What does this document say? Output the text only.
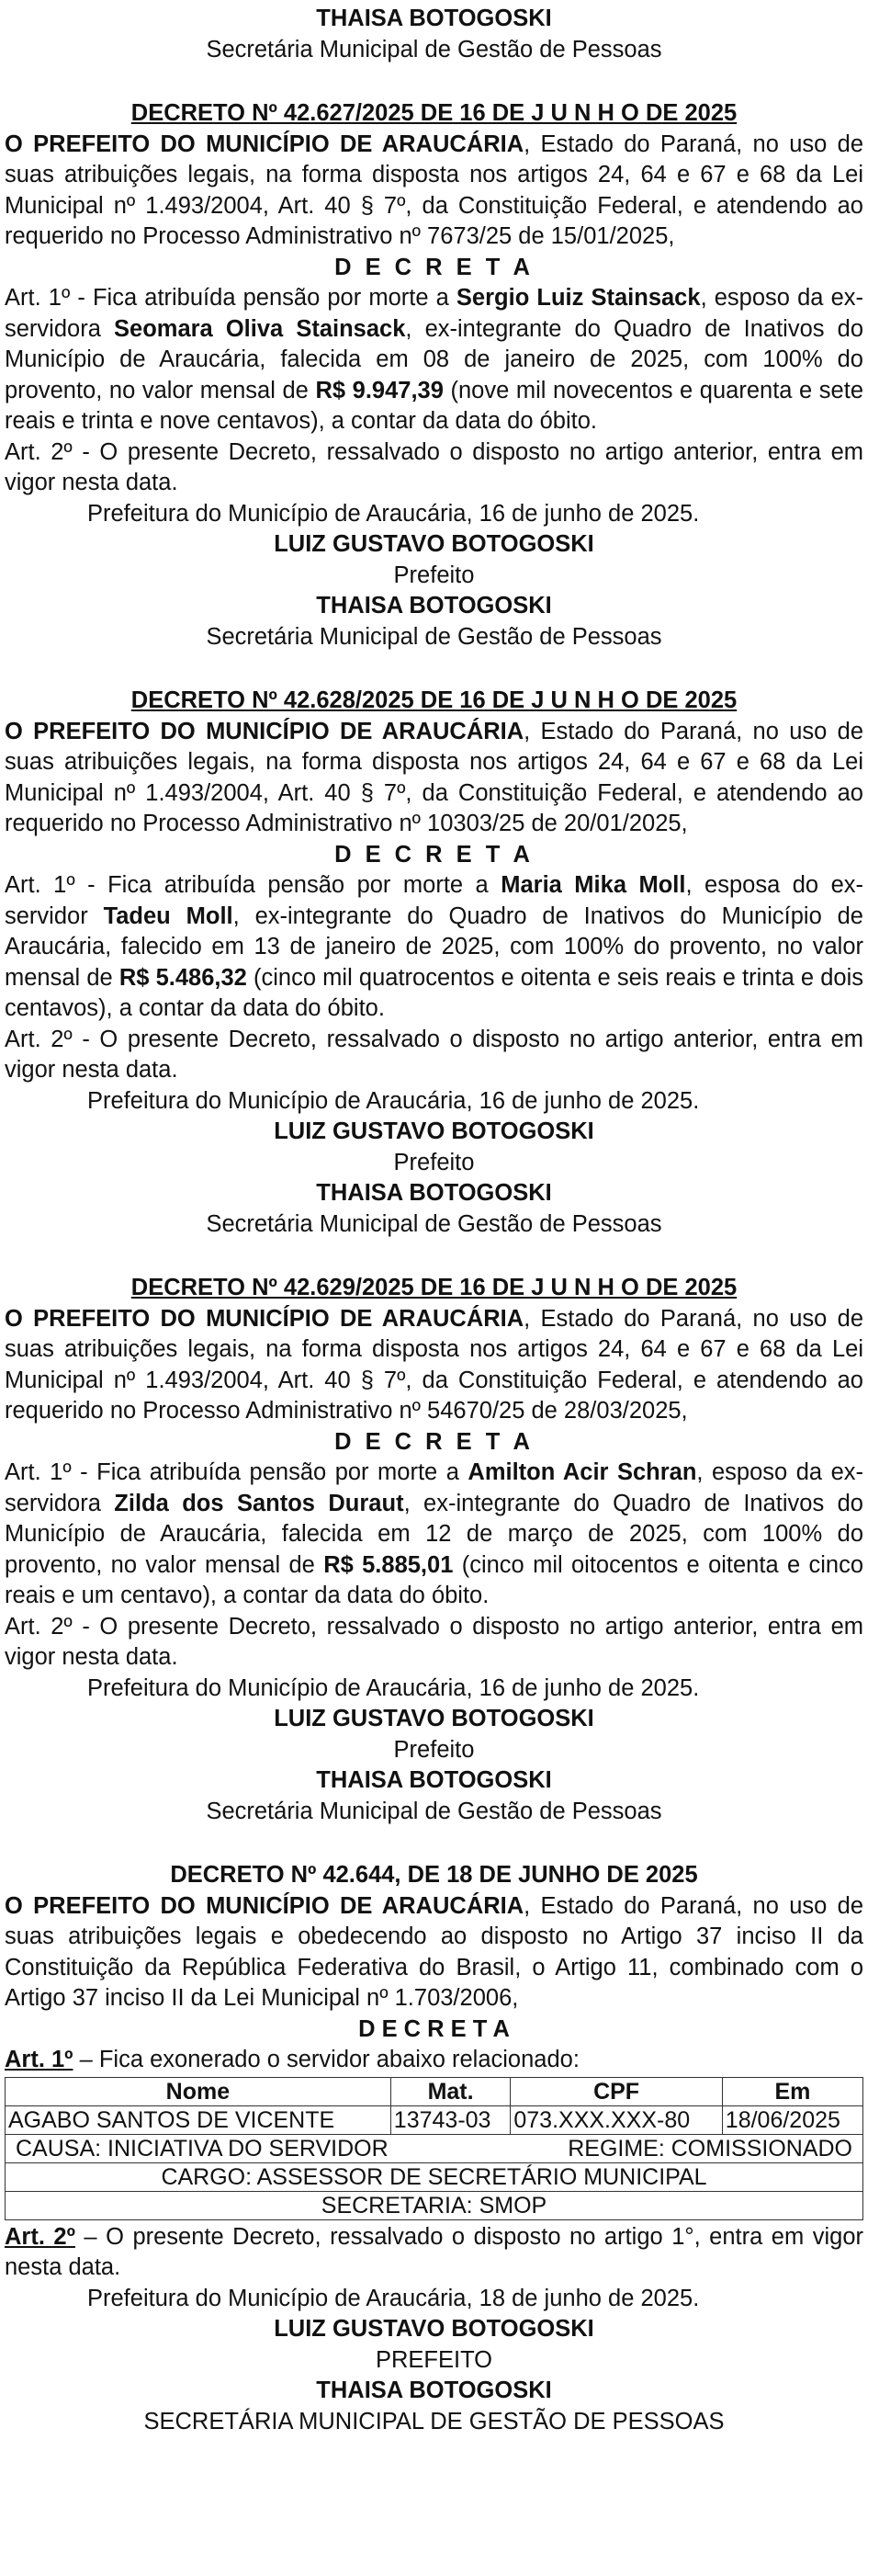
THAISA BOTOGOSKI

Secretária Municipal de Gestão de Pessoas

DECRETO Nº 42.627/2025 DE 16 DE J U N H O DE 2025

O PREFEITO DO MUNICÍPIO DE ARAUCÁRIA, Estado do Paraná, no uso de suas atribuições legais, na forma disposta nos artigos 24, 64 e 67 e 68 da Lei Municipal nº 1.493/2004, Art. 40 § 7º, da Constituição Federal, e atendendo ao requerido no Processo Administrativo nº 7673/25 de 15/01/2025,

D E C R E T A

Art. 1º - Fica atribuída pensão por morte a Sergio Luiz Stainsack, esposo da ex-servidora Seomara Oliva Stainsack, ex-integrante do Quadro de Inativos do Município de Araucária, falecida em 08 de janeiro de 2025, com 100% do provento, no valor mensal de R$ 9.947,39 (nove mil novecentos e quarenta e sete reais e trinta e nove centavos), a contar da data do óbito.

Art. 2º - O presente Decreto, ressalvado o disposto no artigo anterior, entra em vigor nesta data.

Prefeitura do Município de Araucária, 16 de junho de 2025.

LUIZ GUSTAVO BOTOGOSKI

Prefeito

THAISA BOTOGOSKI

Secretária Municipal de Gestão de Pessoas

DECRETO Nº 42.628/2025 DE 16 DE J U N H O DE 2025

O PREFEITO DO MUNICÍPIO DE ARAUCÁRIA, Estado do Paraná, no uso de suas atribuições legais, na forma disposta nos artigos 24, 64 e 67 e 68 da Lei Municipal nº 1.493/2004, Art. 40 § 7º, da Constituição Federal, e atendendo ao requerido no Processo Administrativo nº 10303/25 de 20/01/2025,

D E C R E T A

Art. 1º - Fica atribuída pensão por morte a Maria Mika Moll, esposa do ex-servidor Tadeu Moll, ex-integrante do Quadro de Inativos do Município de Araucária, falecido em 13 de janeiro de 2025, com 100% do provento, no valor mensal de R$ 5.486,32 (cinco mil quatrocentos e oitenta e seis reais e trinta e dois centavos), a contar da data do óbito.

Art. 2º - O presente Decreto, ressalvado o disposto no artigo anterior, entra em vigor nesta data.

Prefeitura do Município de Araucária, 16 de junho de 2025.

LUIZ GUSTAVO BOTOGOSKI

Prefeito

THAISA BOTOGOSKI

Secretária Municipal de Gestão de Pessoas

DECRETO Nº 42.629/2025 DE 16 DE J U N H O DE 2025

O PREFEITO DO MUNICÍPIO DE ARAUCÁRIA, Estado do Paraná, no uso de suas atribuições legais, na forma disposta nos artigos 24, 64 e 67 e 68 da Lei Municipal nº 1.493/2004, Art. 40 § 7º, da Constituição Federal, e atendendo ao requerido no Processo Administrativo nº 54670/25 de 28/03/2025,

D E C R E T A

Art. 1º - Fica atribuída pensão por morte a Amilton Acir Schran, esposo da ex-servidora Zilda dos Santos Duraut, ex-integrante do Quadro de Inativos do Município de Araucária, falecida em 12 de março de 2025, com 100% do provento, no valor mensal de R$ 5.885,01 (cinco mil oitocentos e oitenta e cinco reais e um centavo), a contar da data do óbito.

Art. 2º - O presente Decreto, ressalvado o disposto no artigo anterior, entra em vigor nesta data.

Prefeitura do Município de Araucária, 16 de junho de 2025.

LUIZ GUSTAVO BOTOGOSKI

Prefeito

THAISA BOTOGOSKI

Secretária Municipal de Gestão de Pessoas

DECRETO Nº 42.644, DE 18 DE JUNHO DE 2025

O PREFEITO DO MUNICÍPIO DE ARAUCÁRIA, Estado do Paraná, no uso de suas atribuições legais e obedecendo ao disposto no Artigo 37 inciso II da Constituição da República Federativa do Brasil, o Artigo 11, combinado com o Artigo 37 inciso II da Lei Municipal nº 1.703/2006,

D E C R E T A

Art. 1º – Fica exonerado o servidor abaixo relacionado:

Nome	Mat.	CPF	Em
AGABO SANTOS DE VICENTE	13743-03	073.XXX.XXX-80	18/06/2025

CAUSA: INICIATIVA DO SERVIDOR REGIME: COMISSIONADO			

CARGO: ASSESSOR DE SECRETÁRIO MUNICIPAL			
SECRETARIA: SMOP			

Art. 2º – O presente Decreto, ressalvado o disposto no artigo 1°, entra em vigor nesta data.

Prefeitura do Município de Araucária, 18 de junho de 2025.

LUIZ GUSTAVO BOTOGOSKI

PREFEITO

THAISA BOTOGOSKI

SECRETÁRIA MUNICIPAL DE GESTÃO DE PESSOAS
